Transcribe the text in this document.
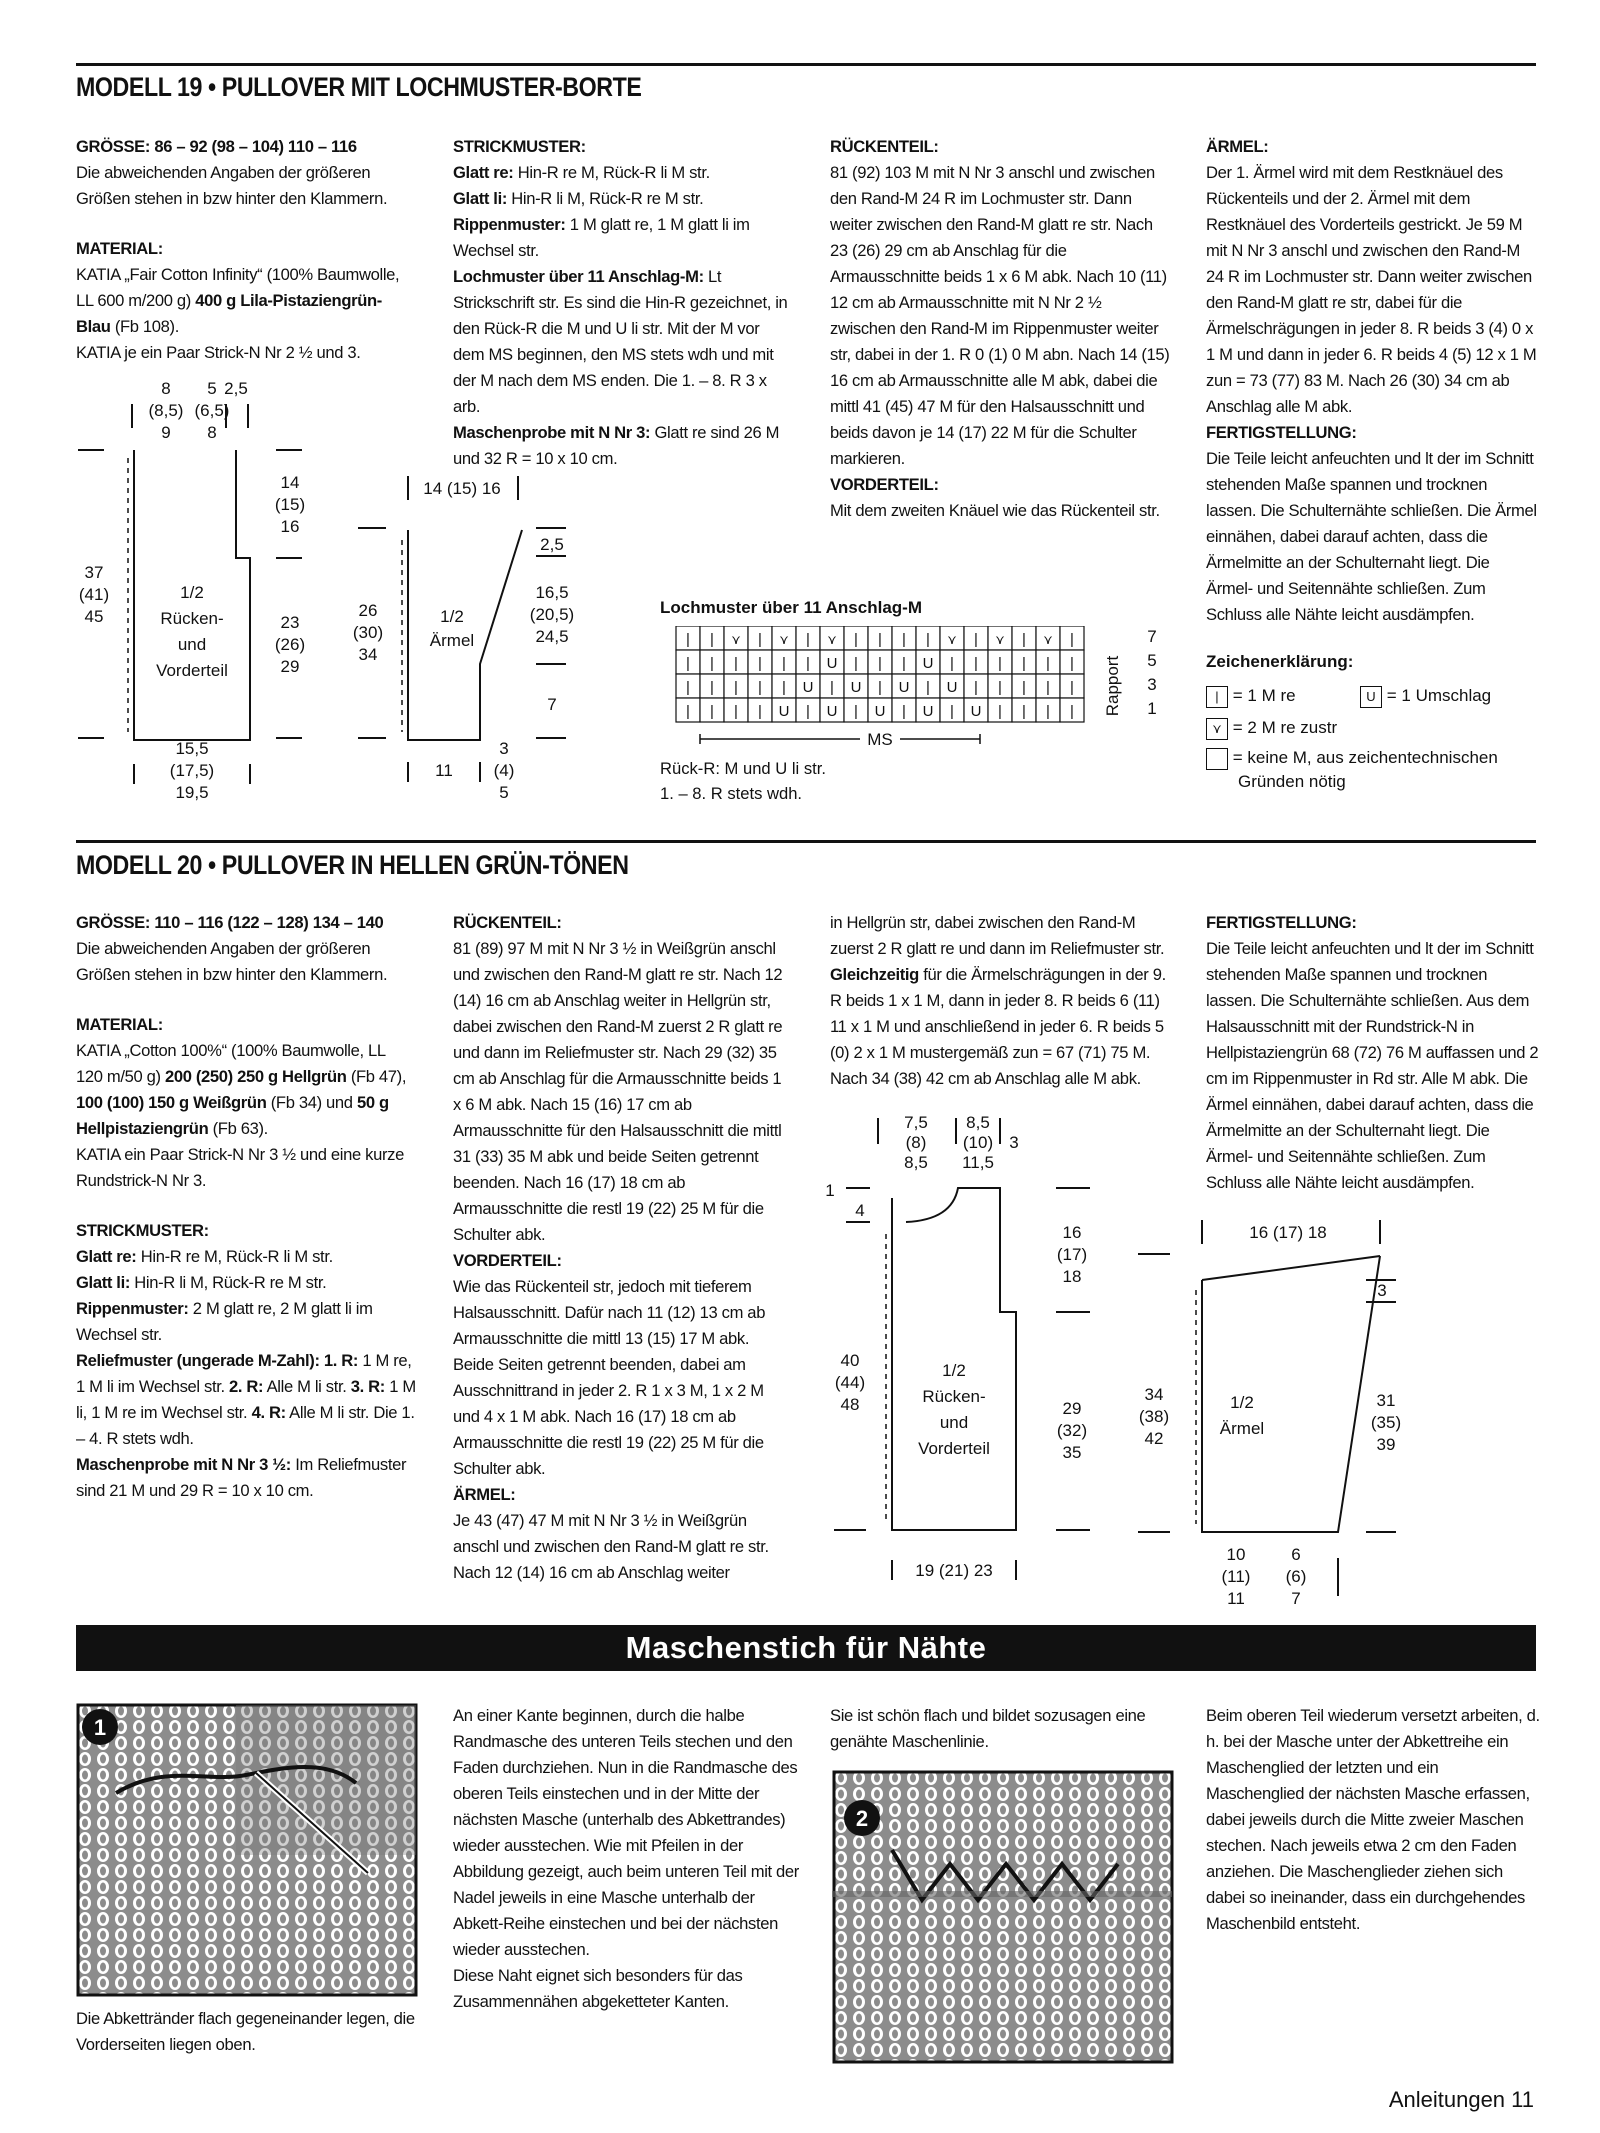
MODELL 19 • PULLOVER MIT LOCHMUSTER-BORTE

GRÖSSE: 86 – 92 (98 – 104) 110 – 116

Die abweichenden Angaben der größeren Größen stehen in bzw hinter den Klammern.

MATERIAL:

KATIA „Fair Cotton Infinity“ (100% Baumwolle, LL 600 m/200 g) 400 g Lila-Pistaziengrün-Blau (Fb 108).

KATIA je ein Paar Strick-N Nr 2 ½ und 3.

STRICKMUSTER:

Glatt re: Hin-R re M, Rück-R li M str.

Glatt li: Hin-R li M, Rück-R re M str.

Rippenmuster: 1 M glatt re, 1 M glatt li im Wechsel str.

Lochmuster über 11 Anschlag-M: Lt Strickschrift str. Es sind die Hin-R gezeichnet, in den Rück-R die M und U li str. Mit der M vor dem MS beginnen, den MS stets wdh und mit der M nach dem MS enden. Die 1. – 8. R 3 x arb.

Maschenprobe mit N Nr 3: Glatt re sind 26 M und 32 R = 10 x 10 cm.

RÜCKENTEIL:

81 (92) 103 M mit N Nr 3 anschl und zwischen den Rand-M 24 R im Lochmuster str. Dann weiter zwischen den Rand-M glatt re str. Nach 23 (26) 29 cm ab Anschlag für die Armausschnitte beids 1 x 6 M abk. Nach 10 (11) 12 cm ab Armausschnitte mit N Nr 2 ½ zwischen den Rand-M im Rippenmuster weiter str, dabei in der 1. R 0 (1) 0 M abn. Nach 14 (15) 16 cm ab Armausschnitte alle M abk, dabei die mittl 41 (45) 47 M für den Halsausschnitt und beids davon je 14 (17) 22 M für die Schulter markieren.

VORDERTEIL:

Mit dem zweiten Knäuel wie das Rückenteil str.

ÄRMEL:

Der 1. Ärmel wird mit dem Restknäuel des Rückenteils und der 2. Ärmel mit dem Restknäuel des Vorderteils gestrickt. Je 59 M mit N Nr 3 anschl und zwischen den Rand-M 24 R im Lochmuster str. Dann weiter zwischen den Rand-M glatt re str, dabei für die Ärmelschrägungen in jeder 8. R beids 3 (4) 0 x 1 M und dann in jeder 6. R beids 4 (5) 12 x 1 M zun = 73 (77) 83 M. Nach 26 (30) 34 cm ab Anschlag alle M abk.

FERTIGSTELLUNG:

Die Teile leicht anfeuchten und lt der im Schnitt stehenden Maße spannen und trocknen lassen. Die Schulternähte schließen. Die Ärmel einnähen, dabei darauf achten, dass die Ärmelmitte an der Schulternaht liegt. Die Ärmel- und Seitennähte schließen. Zum Schluss alle Nähte leicht ausdämpfen.

Zeichenerklärung:
| = 1 M re	U = 1 Umschlag
⋎ = 2 M re zustr
= keine M, aus zeichentechnischen Gründen nötig
8
(8,5)
9
5 2,5
(6,5)
8
37
(41)
45
14
(15)
16
23
(26)
29
1/2
Rücken-
und
Vorderteil
15,5
(17,5)
19,5
14 (15) 16
2,5
26
(30)
34
1/2
Ärmel
16,5
(20,5)
24,5
7
11
3
(4)
5
Lochmuster über 11 Anschlag-M
| | ⋎ | ⋎ | ⋎ | | | | ⋎ | ⋎ | ⋎ |
| | | | | | U | | | U | | | | | |
| | | | | U | U | U | U | | | | |
| | | | U | U | U | U | U | | | |
MS
Rapport
7
5
3
1

Rück-R: M und U li str.

1. – 8. R stets wdh.

MODELL 20 • PULLOVER IN HELLEN GRÜN-TÖNEN

GRÖSSE: 110 – 116 (122 – 128) 134 – 140

Die abweichenden Angaben der größeren Größen stehen in bzw hinter den Klammern.

MATERIAL:

KATIA „Cotton 100%“ (100% Baumwolle, LL 120 m/50 g) 200 (250) 250 g Hellgrün (Fb 47), 100 (100) 150 g Weißgrün (Fb 34) und 50 g Hellpistaziengrün (Fb 63).

KATIA ein Paar Strick-N Nr 3 ½ und eine kurze Rundstrick-N Nr 3.

STRICKMUSTER:

Glatt re: Hin-R re M, Rück-R li M str.

Glatt li: Hin-R li M, Rück-R re M str.

Rippenmuster: 2 M glatt re, 2 M glatt li im Wechsel str.

Reliefmuster (ungerade M-Zahl): 1. R: 1 M re, 1 M li im Wechsel str. 2. R: Alle M li str. 3. R: 1 M li, 1 M re im Wechsel str. 4. R: Alle M li str. Die 1. – 4. R stets wdh.

Maschenprobe mit N Nr 3 ½: Im Reliefmuster sind 21 M und 29 R = 10 x 10 cm.

RÜCKENTEIL:

81 (89) 97 M mit N Nr 3 ½ in Weißgrün anschl und zwischen den Rand-M glatt re str. Nach 12 (14) 16 cm ab Anschlag weiter in Hellgrün str, dabei zwischen den Rand-M zuerst 2 R glatt re und dann im Reliefmuster str. Nach 29 (32) 35 cm ab Anschlag für die Armausschnitte beids 1 x 6 M abk. Nach 15 (16) 17 cm ab Armausschnitte für den Halsausschnitt die mittl 31 (33) 35 M abk und beide Seiten getrennt beenden. Nach 16 (17) 18 cm ab Armausschnitte die restl 19 (22) 25 M für die Schulter abk.

VORDERTEIL:

Wie das Rückenteil str, jedoch mit tieferem Halsausschnitt. Dafür nach 11 (12) 13 cm ab Armausschnitte die mittl 13 (15) 17 M abk. Beide Seiten getrennt beenden, dabei am Ausschnittrand in jeder 2. R 1 x 3 M, 1 x 2 M und 4 x 1 M abk. Nach 16 (17) 18 cm ab Armausschnitte die restl 19 (22) 25 M für die Schulter abk.

ÄRMEL:

Je 43 (47) 47 M mit N Nr 3 ½ in Weißgrün anschl und zwischen den Rand-M glatt re str. Nach 12 (14) 16 cm ab Anschlag weiter

in Hellgrün str, dabei zwischen den Rand-M zuerst 2 R glatt re und dann im Reliefmuster str. Gleichzeitig für die Ärmelschrägungen in der 9. R beids 1 x 1 M, dann in jeder 8. R beids 6 (11) 11 x 1 M und anschließend in jeder 6. R beids 5 (0) 2 x 1 M mustergemäß zun = 67 (71) 75 M. Nach 34 (38) 42 cm ab Anschlag alle M abk.

FERTIGSTELLUNG:

Die Teile leicht anfeuchten und lt der im Schnitt stehenden Maße spannen und trocknen lassen. Die Schulternähte schließen. Aus dem Halsausschnitt mit der Rundstrick-N in Hellpistaziengrün 68 (72) 76 M auffassen und 2 cm im Rippenmuster in Rd str. Alle M abk. Die Ärmel einnähen, dabei darauf achten, dass die Ärmelmitte an der Schulternaht liegt. Die Ärmel- und Seitennähte schließen. Zum Schluss alle Nähte leicht ausdämpfen.

7,5
(8)
8,5
8,5
(10)
11,5
3
1
4
16
(17)
18
40
(44)
48
1/2
Rücken-
und
Vorderteil
29
(32)
35
19 (21) 23
16 (17) 18
3
34
(38)
42
1/2
Ärmel
31
(35)
39
10
(11)
11
6
(6)
7
Maschenstich für Nähte
1

Die Abkettränder flach gegeneinander legen, die Vorderseiten liegen oben.

An einer Kante beginnen, durch die halbe Randmasche des unteren Teils stechen und den Faden durchziehen. Nun in die Randmasche des oberen Teils einstechen und in der Mitte der nächsten Masche (unterhalb des Abkettrandes) wieder ausstechen. Wie mit Pfeilen in der Abbildung gezeigt, auch beim unteren Teil mit der Nadel jeweils in eine Masche unterhalb der Abkett-Reihe einstechen und bei der nächsten wieder ausstechen.

Diese Naht eignet sich besonders für das Zusammennähen abgeketteter Kanten.

Sie ist schön flach und bildet sozusagen eine genähte Maschenlinie.

2

Beim oberen Teil wiederum versetzt arbeiten, d. h. bei der Masche unter der Abkettreihe ein Maschenglied der letzten und ein Maschenglied der nächsten Masche erfassen, dabei jeweils durch die Mitte zweier Maschen stechen. Nach jeweils etwa 2 cm den Faden anziehen. Die Maschenglieder ziehen sich dabei so ineinander, dass ein durchgehendes Maschenbild entsteht.

Anleitungen 11
